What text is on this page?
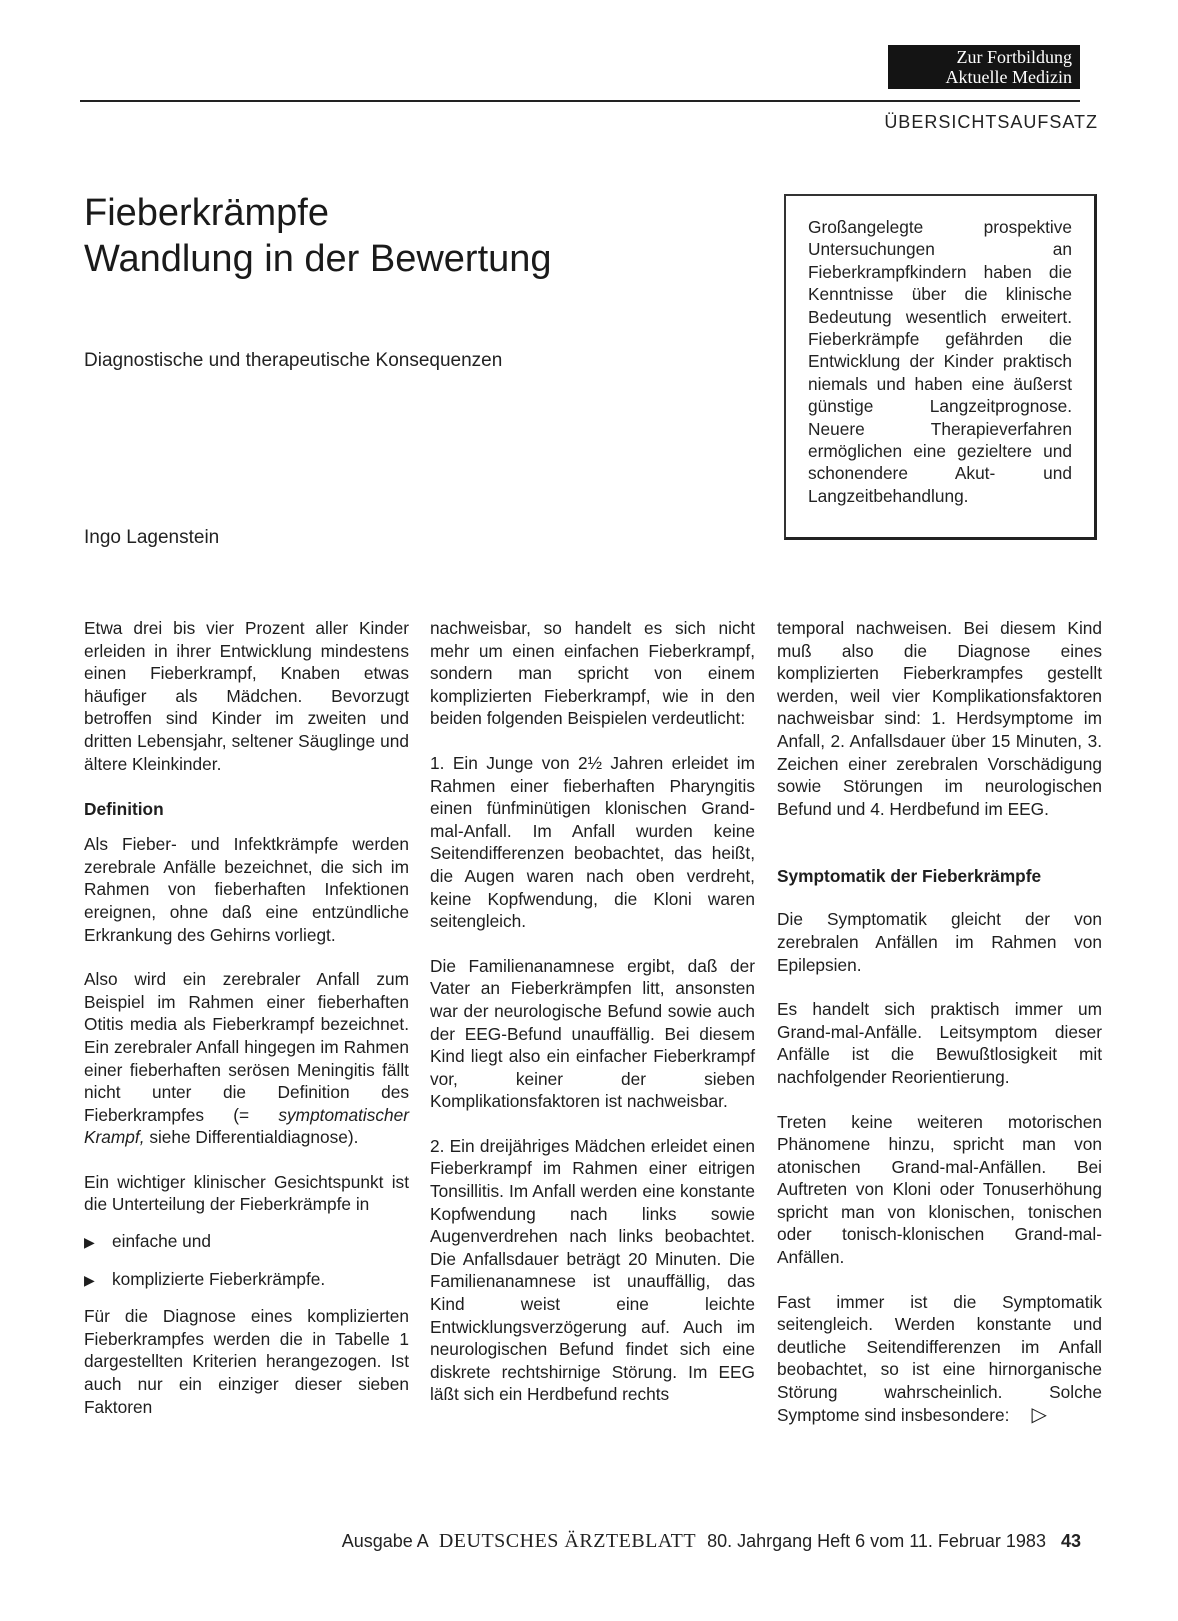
Zur Fortbildung
Aktuelle Medizin
ÜBERSICHTSAUFSATZ
Fieberkrämpfe
Wandlung in der Bewertung
Diagnostische und therapeutische Konsequenzen
Ingo Lagenstein
Großangelegte prospektive Untersuchungen an Fieberkrampfkindern haben die Kenntnisse über die klinische Bedeutung wesentlich erweitert. Fieberkrämpfe gefährden die Entwicklung der Kinder praktisch niemals und haben eine äußerst günstige Langzeitprognose. Neuere Therapieverfahren ermöglichen eine gezieltere und schonendere Akut- und Langzeitbehandlung.

Etwa drei bis vier Prozent aller Kinder erleiden in ihrer Entwicklung mindestens einen Fieberkrampf, Knaben etwas häufiger als Mädchen. Bevorzugt betroffen sind Kinder im zweiten und dritten Lebensjahr, seltener Säuglinge und ältere Kleinkinder.

Definition

Als Fieber- und Infektkrämpfe werden zerebrale Anfälle bezeichnet, die sich im Rahmen von fieberhaften Infektionen ereignen, ohne daß eine entzündliche Erkrankung des Gehirns vorliegt.

Also wird ein zerebraler Anfall zum Beispiel im Rahmen einer fieberhaften Otitis media als Fieberkrampf bezeichnet. Ein zerebraler Anfall hingegen im Rahmen einer fieberhaften serösen Meningitis fällt nicht unter die Definition des Fieberkrampfes (= symptomatischer Krampf, siehe Differentialdiagnose).

Ein wichtiger klinischer Gesichtspunkt ist die Unterteilung der Fieberkrämpfe in

▶ einfache und
▶ komplizierte Fieberkrämpfe.

Für die Diagnose eines komplizierten Fieberkrampfes werden die in Tabelle 1 dargestellten Kriterien herangezogen. Ist auch nur ein einziger dieser sieben Faktoren

nachweisbar, so handelt es sich nicht mehr um einen einfachen Fieberkrampf, sondern man spricht von einem komplizierten Fieberkrampf, wie in den beiden folgenden Beispielen verdeutlicht:

1. Ein Junge von 2½ Jahren erleidet im Rahmen einer fieberhaften Pharyngitis einen fünfminütigen klonischen Grand-mal-Anfall. Im Anfall wurden keine Seitendifferenzen beobachtet, das heißt, die Augen waren nach oben verdreht, keine Kopfwendung, die Kloni waren seitengleich.

Die Familienanamnese ergibt, daß der Vater an Fieberkrämpfen litt, ansonsten war der neurologische Befund sowie auch der EEG-Befund unauffällig. Bei diesem Kind liegt also ein einfacher Fieberkrampf vor, keiner der sieben Komplikationsfaktoren ist nachweisbar.

2. Ein dreijähriges Mädchen erleidet einen Fieberkrampf im Rahmen einer eitrigen Tonsillitis. Im Anfall werden eine konstante Kopfwendung nach links sowie Augenverdrehen nach links beobachtet. Die Anfallsdauer beträgt 20 Minuten. Die Familienanamnese ist unauffällig, das Kind weist eine leichte Entwicklungsverzögerung auf. Auch im neurologischen Befund findet sich eine diskrete rechtshirnige Störung. Im EEG läßt sich ein Herdbefund rechts

temporal nachweisen. Bei diesem Kind muß also die Diagnose eines komplizierten Fieberkrampfes gestellt werden, weil vier Komplikationsfaktoren nachweisbar sind: 1. Herdsymptome im Anfall, 2. Anfallsdauer über 15 Minuten, 3. Zeichen einer zerebralen Vorschädigung sowie Störungen im neurologischen Befund und 4. Herdbefund im EEG.

Symptomatik der Fieberkrämpfe

Die Symptomatik gleicht der von zerebralen Anfällen im Rahmen von Epilepsien.

Es handelt sich praktisch immer um Grand-mal-Anfälle. Leitsymptom dieser Anfälle ist die Bewußtlosigkeit mit nachfolgender Reorientierung.

Treten keine weiteren motorischen Phänomene hinzu, spricht man von atonischen Grand-mal-Anfällen. Bei Auftreten von Kloni oder Tonuserhöhung spricht man von klonischen, tonischen oder tonisch-klonischen Grand-mal-Anfällen.

Fast immer ist die Symptomatik seitengleich. Werden konstante und deutliche Seitendifferenzen im Anfall beobachtet, so ist eine hirnorganische Störung wahrscheinlich. Solche Symptome sind insbesondere: ▷

Ausgabe A DEUTSCHES ÄRZTEBLATT 80. Jahrgang Heft 6 vom 11. Februar 1983 43
